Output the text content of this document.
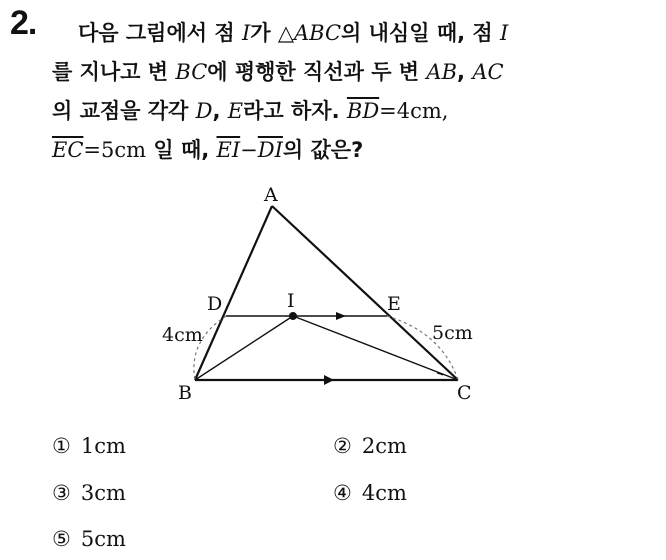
2. 다음 그림에서 점 I가 △ABC의 내심일 때, 점 I
를 지나고 변 BC에 평행한 직선과 두 변 AB, AC
의 교점을 각각 D, E라고 하자. $\overline{BD}=4cm$,
$\overline{EC}=5cm$ 일 때, $\overline{EI}-\overline{DI}$의 값은?
A
B	C
D	E
I
4cm	5cm
① 1cm	② 2cm
③ 3cm	④ 4cm
⑤ 5cm
